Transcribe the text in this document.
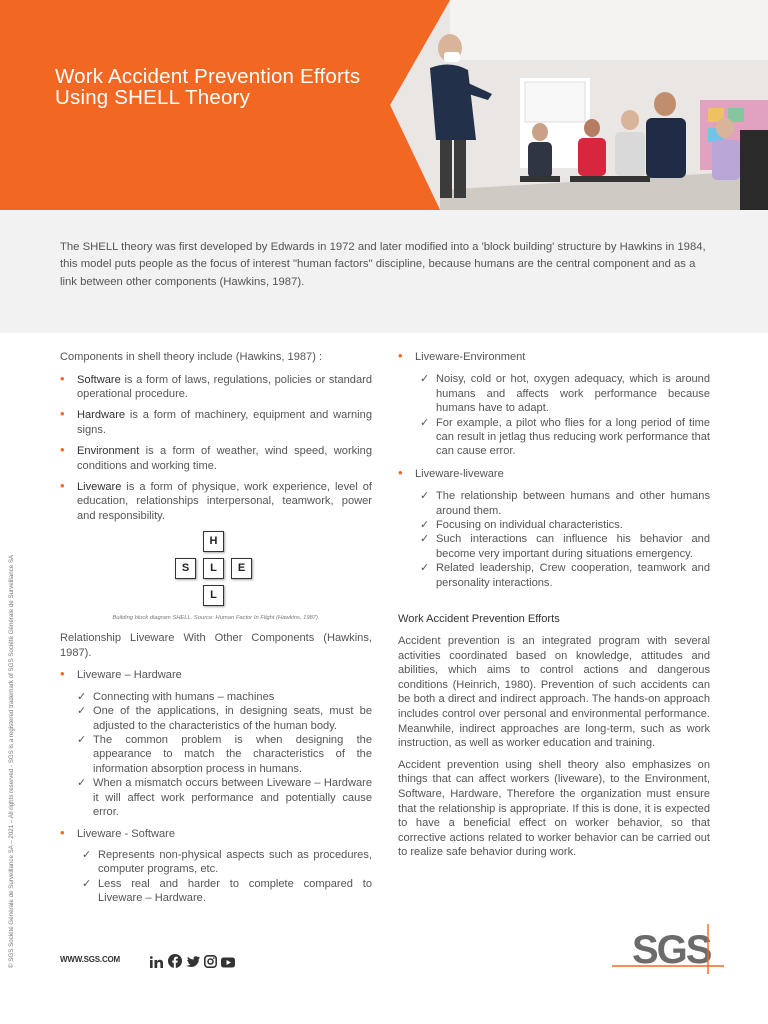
Work Accident Prevention Efforts Using SHELL Theory

The SHELL theory was first developed by Edwards in 1972 and later modified into a 'block building' structure by Hawkins in 1984, this model puts people as the focus of interest "human factors" discipline, because humans are the central component and as a link between other components (Hawkins, 1987).

© SGS Société Générale de Surveillance SA – 2021 – All rights reserved - SGS is a registered trademark of SGS Société Générale de Surveillance SA
Components in shell theory include (Hawkins, 1987) :
• Software is a form of laws, regulations, policies or standard operational procedure.
• Hardware is a form of machinery, equipment and warning signs.
• Environment is a form of weather, wind speed, working conditions and working time.
• Liveware is a form of physique, work experience, level of education, relationships interpersonal, teamwork, power and responsibility.
H
S	L	E
L
Building block diagram SHELL. Source: Human Factor In Flight (Hawkins, 1987).
Relationship Liveware With Other Components (Hawkins, 1987).
• Liveware – Hardware
✓ Connecting with humans – machines
✓ One of the applications, in designing seats, must be adjusted to the characteristics of the human body.
✓ The common problem is when designing the appearance to match the characteristics of the information absorption process in humans.
✓ When a mismatch occurs between Liveware – Hardware it will affect work performance and potentially cause error.
• Liveware - Software
✓ Represents non-physical aspects such as procedures, computer programs, etc.
✓ Less real and harder to complete compared to Liveware – Hardware.
• Liveware-Environment
✓ Noisy, cold or hot, oxygen adequacy, which is around humans and affects work performance because humans have to adapt.
✓ For example, a pilot who flies for a long period of time can result in jetlag thus reducing work performance that can cause error.
• Liveware-liveware
✓ The relationship between humans and other humans around them.
✓ Focusing on individual characteristics.
✓ Such interactions can influence his behavior and become very important during situations emergency.
✓ Related leadership, Crew cooperation, teamwork and personality interactions.
Work Accident Prevention Efforts
Accident prevention is an integrated program with several activities coordinated based on knowledge, attitudes and abilities, which aims to control actions and dangerous conditions (Heinrich, 1980). Prevention of such accidents can be both a direct and indirect approach. The hands-on approach includes control over personal and environmental performance. Meanwhile, indirect approaches are long-term, such as work instruction, as well as worker education and training.
Accident prevention using shell theory also emphasizes on things that can affect workers (liveware), to the Environment, Software, Hardware, Therefore the organization must ensure that the relationship is appropriate. If this is done, it is expected to have a beneficial effect on worker behavior, so that corrective actions related to worker behavior can be carried out to realize safe behavior during work.
WWW.SGS.COM	SGS
